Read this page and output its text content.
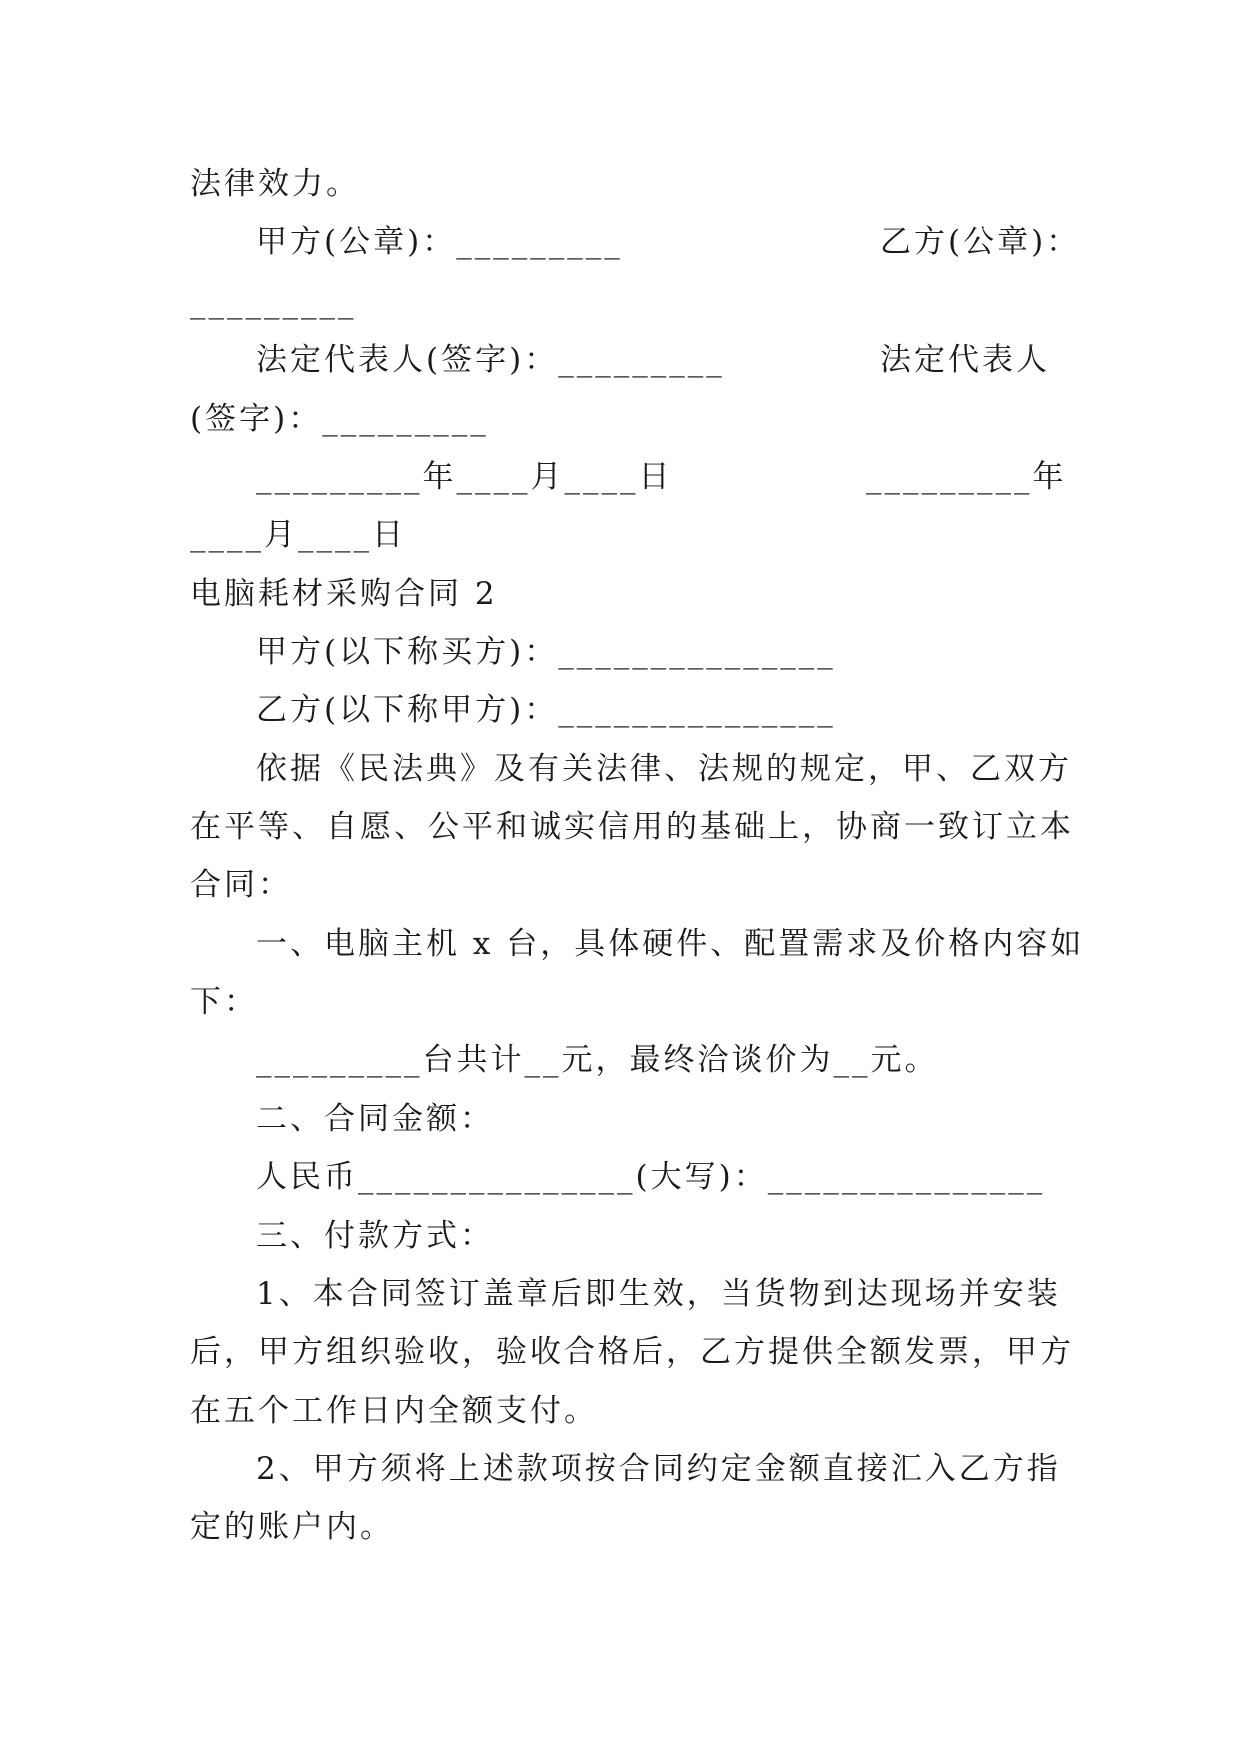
法律效力。
甲方(公章)：_________	乙方(公章)：
_________
法定代表人(签字)：_________	法定代表人
(签字)：_________
_________年____月____日	_________年
____月____日
电脑耗材采购合同 2
甲方(以下称买方)：_______________
乙方(以下称甲方)：_______________
依据《民法典》及有关法律、法规的规定，甲、乙双方
在平等、自愿、公平和诚实信用的基础上，协商一致订立本
合同：
一、电脑主机 x 台，具体硬件、配置需求及价格内容如
下：
_________台共计__元，最终洽谈价为__元。
二、合同金额：
人民币_______________(大写)：_______________
三、付款方式：
1、本合同签订盖章后即生效，当货物到达现场并安装
后，甲方组织验收，验收合格后，乙方提供全额发票，甲方
在五个工作日内全额支付。
2、甲方须将上述款项按合同约定金额直接汇入乙方指
定的账户内。
